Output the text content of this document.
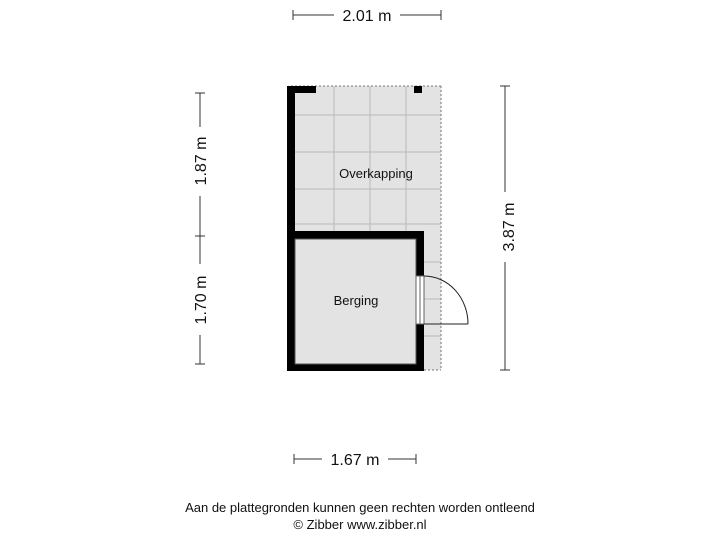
Overkapping
Berging
2.01 m
1.67 m
1.87 m
1.70 m
3.87 m
Aan de plattegronden kunnen geen rechten worden ontleend
© Zibber www.zibber.nl
